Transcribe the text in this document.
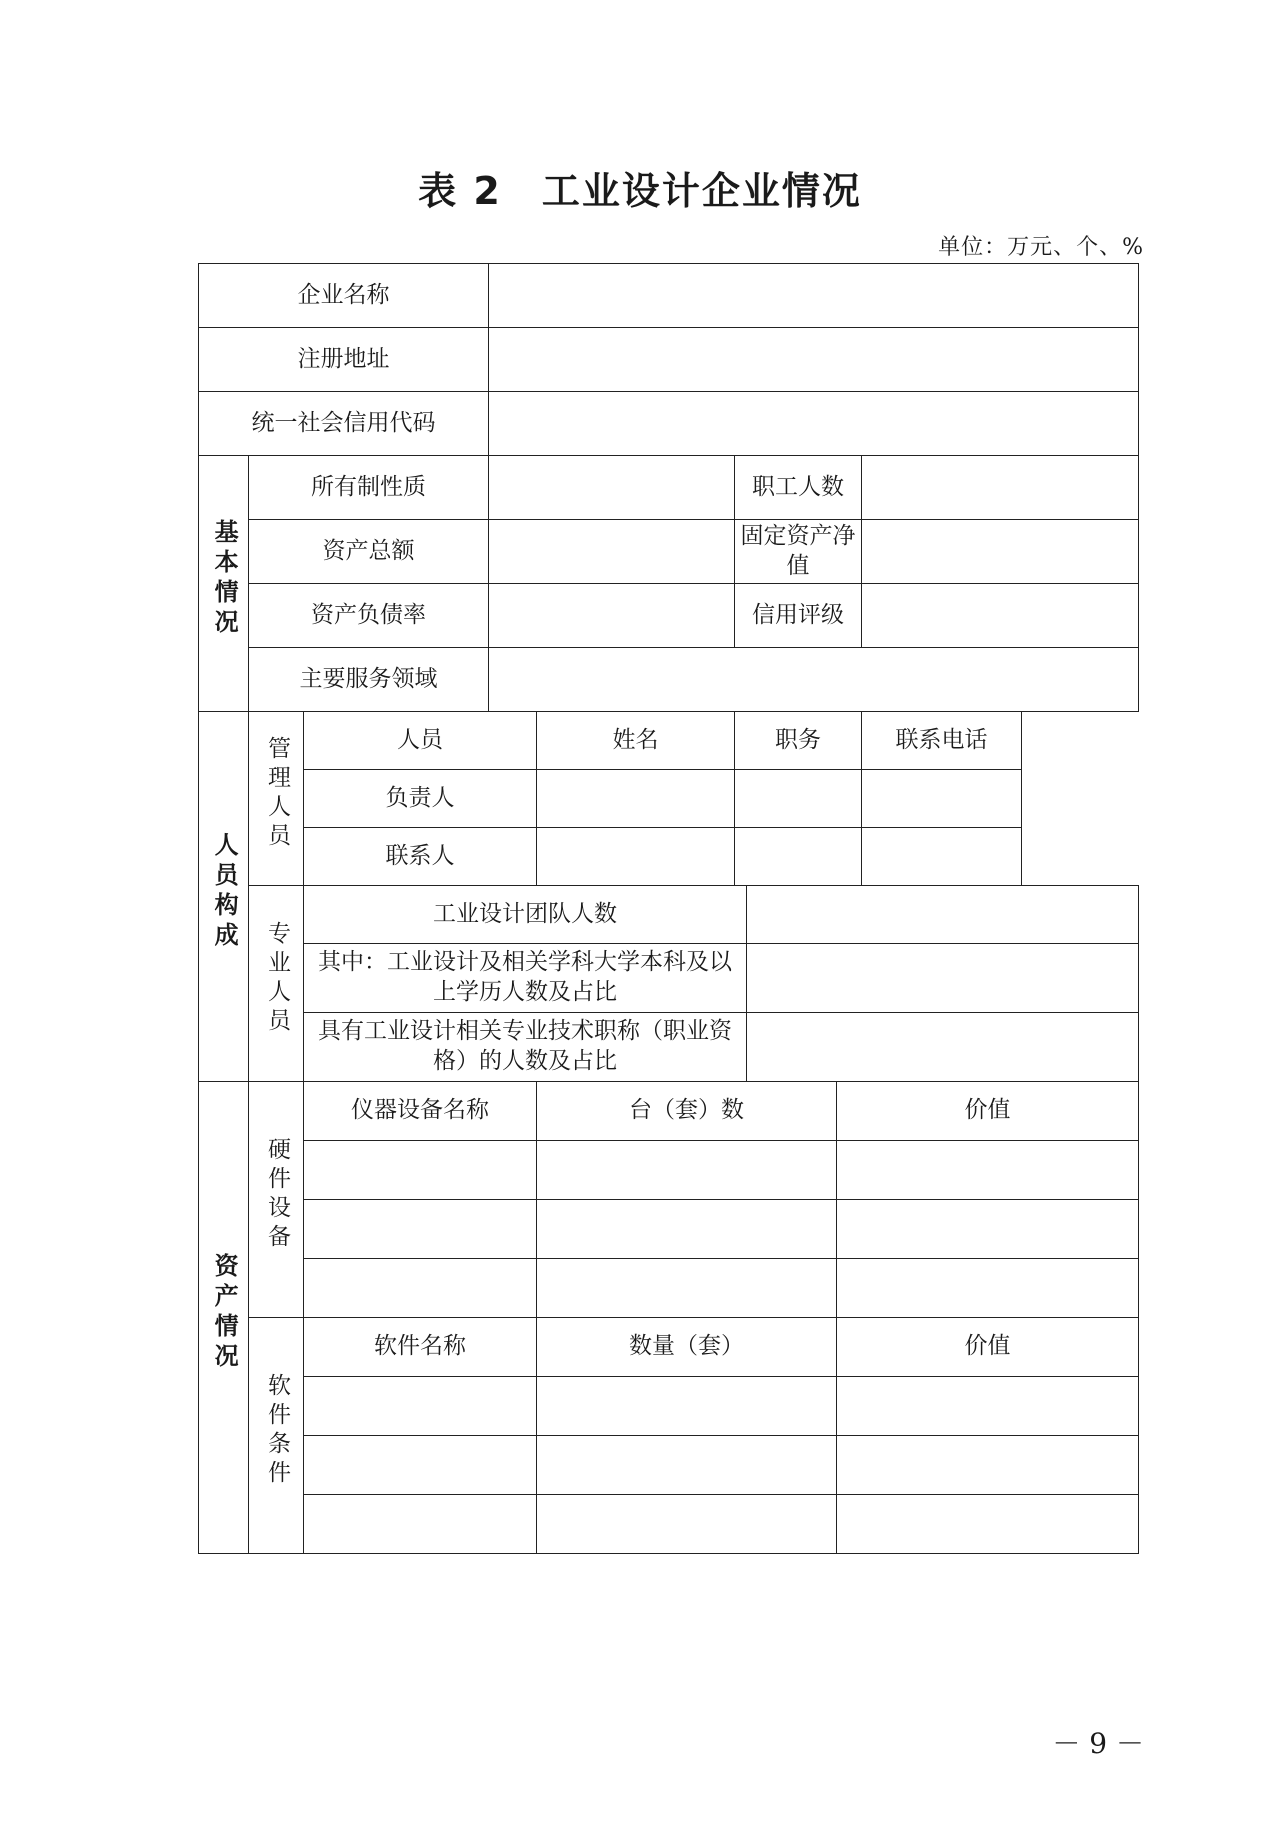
表 2　工业设计企业情况
单位：万元、个、%
企业名称								
注册地址								
统一社会信用代码								
基本情况	所有制性质				职工人数			
	资产总额				固定资产净值			
	资产负债率				信用评级			
	主要服务领域							
人员构成	管理人员	人员		姓名	职务			联系电话
		负责人						
		联系人						
	专业人员	工业设计团队人数						
		其中：工业设计及相关学科大学本科及以上学历人数及占比						
		具有工业设计相关专业技术职称（职业资格）的人数及占比						
资产情况	硬件设备	仪器设备名称		台（套）数			价值	

	软件条件	软件名称		数量（套）			价值	

－ 9 －
